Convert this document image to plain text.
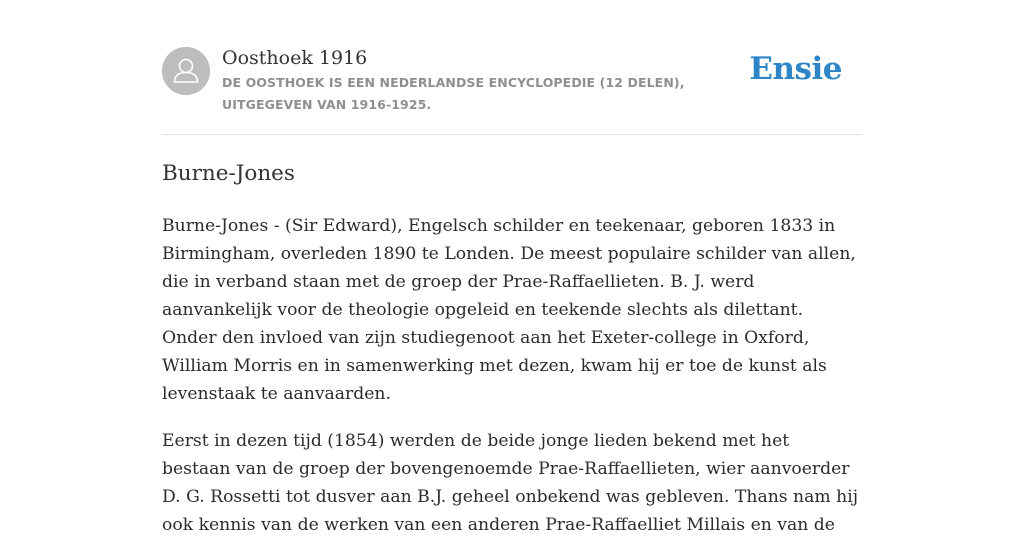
Oosthoek 1916
DE OOSTHOEK IS EEN NEDERLANDSE ENCYCLOPEDIE (12 DELEN), UITGEGEVEN VAN 1916-1925.
Ensie
Burne-Jones

Burne-Jones - (Sir Edward), Engelsch schilder en teekenaar, geboren 1833 in Birmingham, overleden 1890 te Londen. De meest populaire schilder van allen, die in verband staan met de groep der Prae-Raffaellieten. B. J. werd aanvankelijk voor de theologie opgeleid en teekende slechts als dilettant. Onder den invloed van zijn studiegenoot aan het Exeter-college in Oxford, William Morris en in samenwerking met dezen, kwam hij er toe de kunst als levenstaak te aanvaarden.

Eerst in dezen tijd (1854) werden de beide jonge lieden bekend met het bestaan van de groep der bovengenoemde Prae-Raffaellieten, wier aanvoerder D. G. Rossetti tot dusver aan B.J. geheel onbekend was gebleven. Thans nam hij ook kennis van de werken van een anderen Prae-Raffaelliet Millais en van de
